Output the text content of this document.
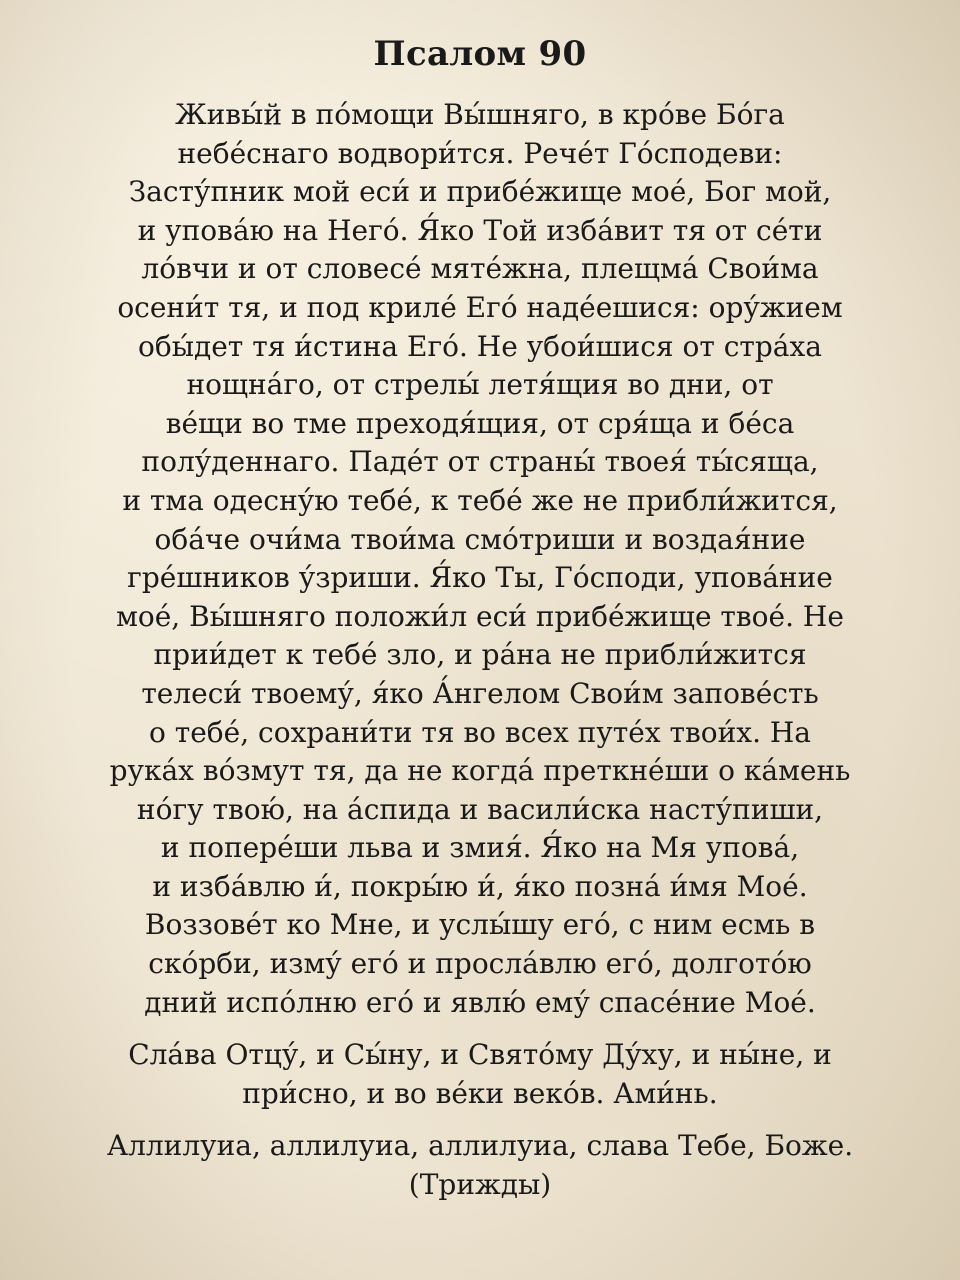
Псалом 90
Живы́й в по́мощи Вы́шняго, в кро́ве Бо́га
небе́снаго водвори́тся. Рече́т Го́сподеви:
Засту́пник мой еси́ и прибе́жище мое́, Бог мой,
и упова́ю на Него́. Я́ко Той изба́вит тя от се́ти
ло́вчи и от словесе́ мяте́жна, плещма́ Свои́ма
осени́т тя, и под криле́ Его́ наде́ешися: ору́жием
обы́дет тя и́стина Его́. Не убои́шися от стра́ха
нощна́го, от стрелы́ летя́щия во дни, от
ве́щи во тме преходя́щия, от сря́ща и бе́са
полу́деннаго. Паде́т от страны́ твоея́ ты́сяща,
и тма одесну́ю тебе́, к тебе́ же не прибли́жится,
оба́че очи́ма твои́ма смо́триши и воздая́ние
гре́шников у́зриши. Я́ко Ты, Го́споди, упова́ние
мое́, Вы́шняго положи́л еси́ прибе́жище твое́. Не
прии́дет к тебе́ зло, и ра́на не прибли́жится
телеси́ твоему́, я́ко А́нгелом Свои́м запове́сть
о тебе́, сохрани́ти тя во всех путе́х твои́х. На
рука́х во́змут тя, да не когда́ преткне́ши о ка́мень
но́гу твою́, на а́спида и васили́ска насту́пиши,
и попере́ши льва и змия́. Я́ко на Мя упова́,
и изба́влю и́, покры́ю и́, я́ко позна́ и́мя Мое́.
Воззове́т ко Мне, и услы́шу его́, с ним есмь в
ско́рби, изму́ его́ и просла́влю его́, долгото́ю
дний испо́лню его́ и явлю́ ему́ спасе́ние Мое́.
Сла́ва Отцу́, и Сы́ну, и Свято́му Ду́ху, и ны́не, и
при́сно, и во ве́ки веко́в. Ами́нь.
Аллилуиа, аллилуиа, аллилуиа, слава Тебе, Боже.
(Трижды)
